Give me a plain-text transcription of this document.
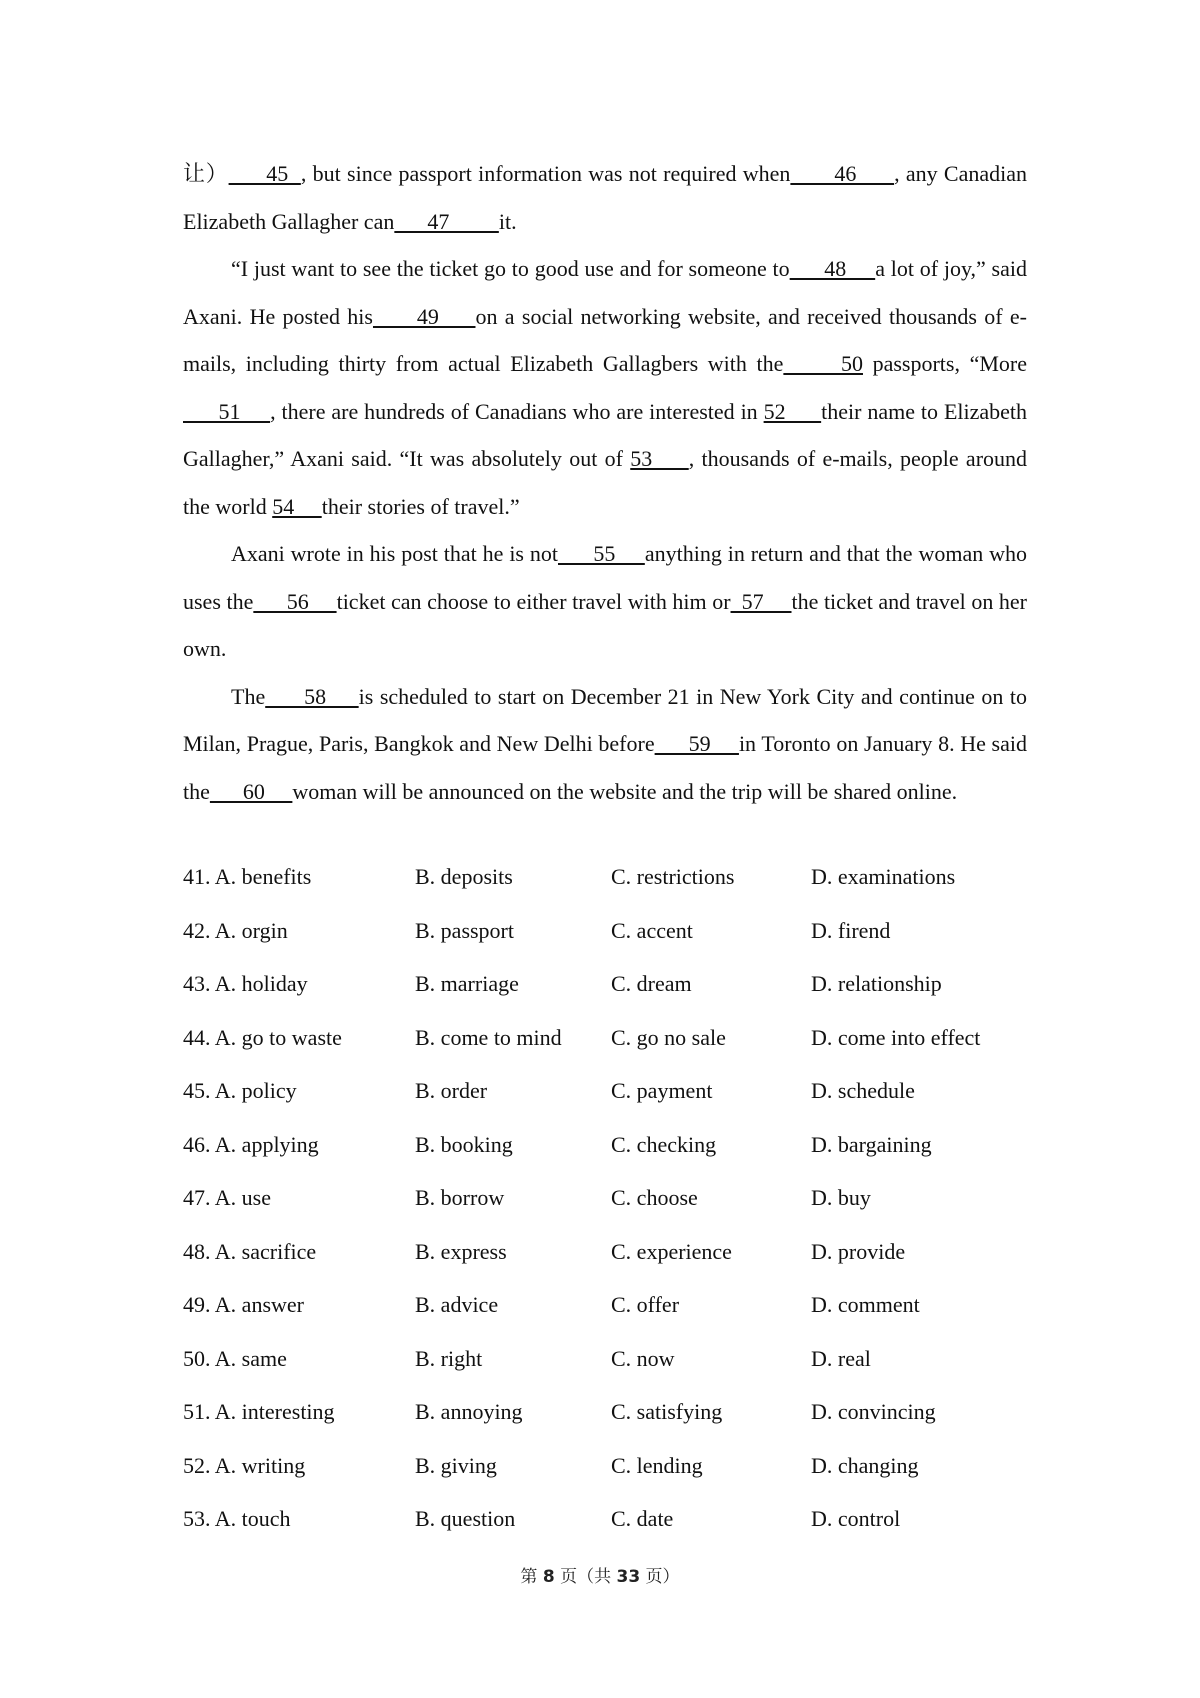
让）      45  , but since passport information was not required when       46      , any Canadian Elizabeth Gallagher can      47         it.

“I just want to see the ticket go to good use and for someone to      48     a lot of joy,” said Axani. He posted his      49     on a social networking website, and received thousands of e-mails, including thirty from actual Elizabeth Gallagbers with the      50 passports, “More      51     , there are hundreds of Canadians who are interested in 52      their name to Elizabeth Gallagher,” Axani said. “It was absolutely out of 53     , thousands of e-mails, people around the world 54     their stories of travel.”

Axani wrote in his post that he is not      55     anything in return and that the woman who uses the      56     ticket can choose to either travel with him or  57     the ticket and travel on her own.

The      58     is scheduled to start on December 21 in New York City and continue on to Milan, Prague, Paris, Bangkok and New Delhi before      59     in Toronto on January 8. He said the      60     woman will be announced on the website and the trip will be shared online.

41. A. benefits	B. deposits	C. restrictions	D. examinations
42. A. orgin	B. passport	C. accent	D. firend
43. A. holiday	B. marriage	C. dream	D. relationship
44. A. go to waste	B. come to mind C. go no sale	D. come into effect
45. A. policy	B. order	C. payment	D. schedule
46. A. applying	B. booking	C. checking	D. bargaining
47. A. use	B. borrow	C. choose	D. buy
48. A. sacrifice	B. express	C. experience	D. provide
49. A. answer	B. advice	C. offer	D. comment
50. A. same	B. right	C. now	D. real
51. A. interesting	B. annoying	C. satisfying	D. convincing
52. A. writing	B. giving	C. lending	D. changing
53. A. touch	B. question	C. date	D. control
第 8 页（共 33 页）
